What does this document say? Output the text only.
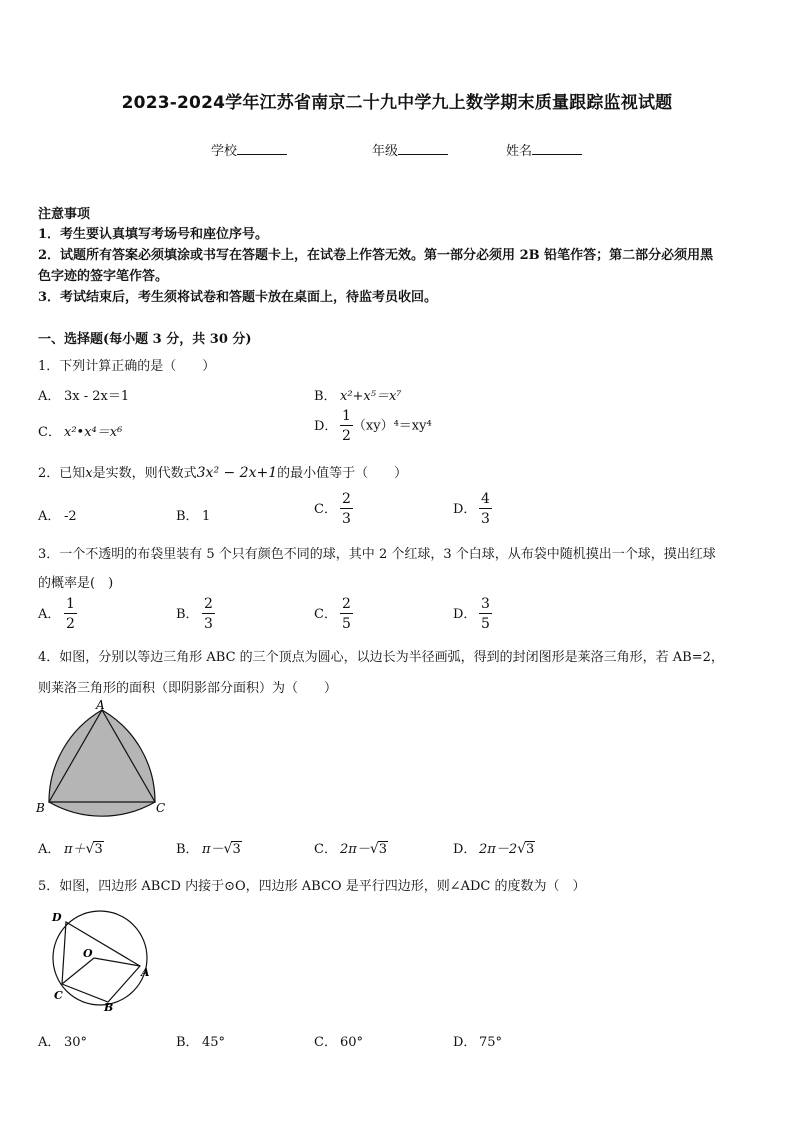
2023-2024学年江苏省南京二十九中学九上数学期末质量跟踪监视试题
学校	年级	姓名
注意事项
1．考生要认真填写考场号和座位序号。
2．试题所有答案必须填涂或书写在答题卡上，在试卷上作答无效。第一部分必须用 2B 铅笔作答；第二部分必须用黑
色字迹的签字笔作答。
3．考试结束后，考生须将试卷和答题卡放在桌面上，待监考员收回。
一、选择题(每小题 3 分，共 30 分)
1．下列计算正确的是（　　）
A． 3x - 2x＝1	B． x²+x⁵＝x⁷
C． x²•x⁴＝x⁶	D． $\frac{1}{2} (xy)^4=xy^4$
2．已知x是实数，则代数式3x² − 2x+1的最小值等于（　　）
A． -2	B． 1	C． $\frac{2}{3}$	D． $\frac{4}{3}$
3．一个不透明的布袋里装有 5 个只有颜色不同的球，其中 2 个红球，3 个白球，从布袋中随机摸出一个球，摸出红球
的概率是(　)
A． $\frac{1}{2}$	B． $\frac{2}{3}$	C． $\frac{2}{5}$	D． $\frac{3}{5}$
4．如图，分别以等边三角形 ABC 的三个顶点为圆心，以边长为半径画弧，得到的封闭图形是莱洛三角形，若 AB=2，
则莱洛三角形的面积（即阴影部分面积）为（　　）
A
B	C
A． π＋√3	B． π－√3	C． 2π－√3	D． 2π－2√3
5．如图，四边形 ABCD 内接于⊙O，四边形 ABCO 是平行四边形，则∠ADC 的度数为（　）
D
O
A
C
B
A． 30°	B． 45°	C． 60°	D． 75°
